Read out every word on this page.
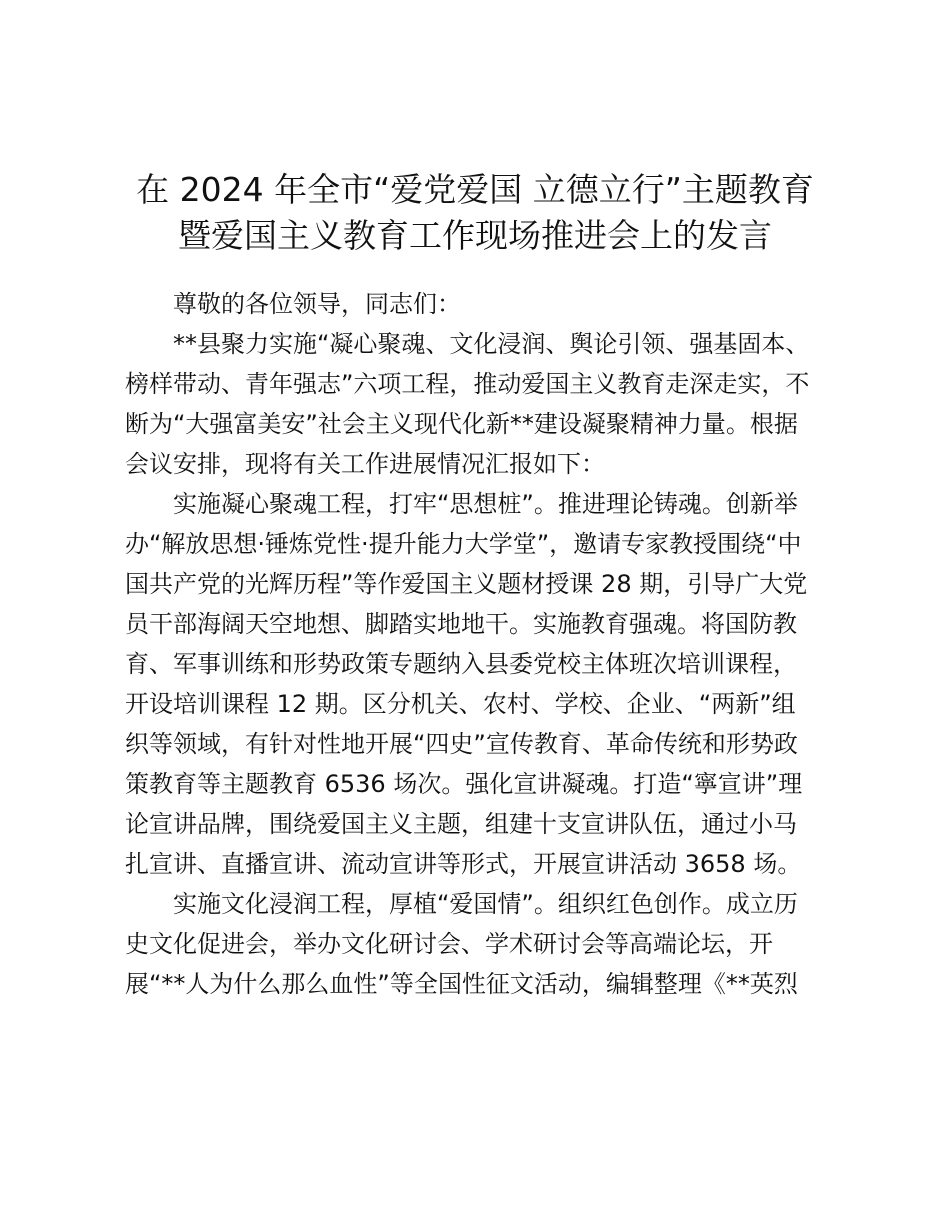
在 2024 年全市“爱党爱国 立德立行”主题教育
暨爱国主义教育工作现场推进会上的发言

尊敬的各位领导，同志们：

**县聚力实施“凝心聚魂、文化浸润、舆论引领、强基固本、
榜样带动、青年强志”六项工程，推动爱国主义教育走深走实，不
断为“大强富美安”社会主义现代化新**建设凝聚精神力量。根据
会议安排，现将有关工作进展情况汇报如下：

实施凝心聚魂工程，打牢“思想桩”。推进理论铸魂。创新举
办“解放思想·锤炼党性·提升能力大学堂”，邀请专家教授围绕“中
国共产党的光辉历程”等作爱国主义题材授课 28 期，引导广大党
员干部海阔天空地想、脚踏实地地干。实施教育强魂。将国防教
育、军事训练和形势政策专题纳入县委党校主体班次培训课程，
开设培训课程 12 期。区分机关、农村、学校、企业、“两新”组
织等领域，有针对性地开展“四史”宣传教育、革命传统和形势政
策教育等主题教育 6536 场次。强化宣讲凝魂。打造“寧宣讲”理
论宣讲品牌，围绕爱国主义主题，组建十支宣讲队伍，通过小马
扎宣讲、直播宣讲、流动宣讲等形式，开展宣讲活动 3658 场。

实施文化浸润工程，厚植“爱国情”。组织红色创作。成立历
史文化促进会，举办文化研讨会、学术研讨会等高端论坛，开
展“**人为什么那么血性”等全国性征文活动，编辑整理《**英烈
